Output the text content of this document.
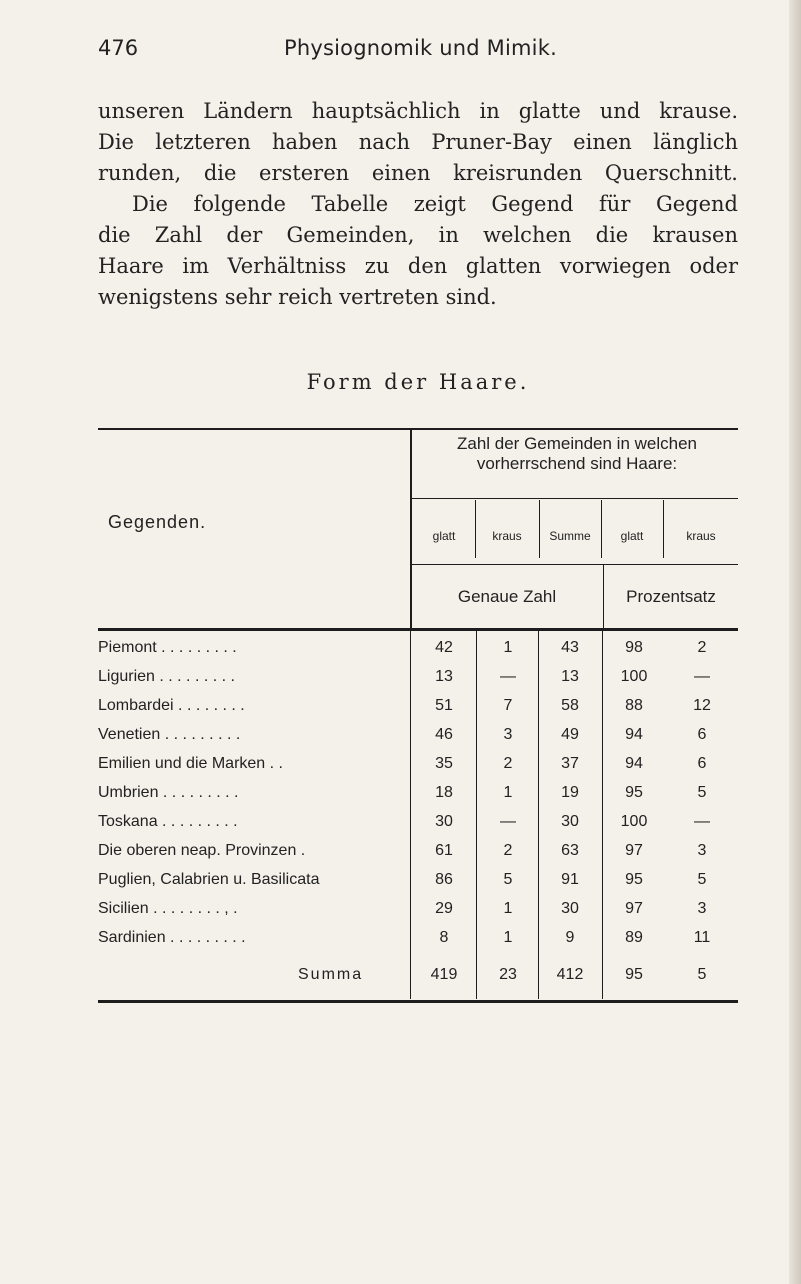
476	Physiognomik und Mimik.
unseren Ländern hauptsächlich in glatte und krause.
Die letzteren haben nach Pruner-Bay einen länglich
runden, die ersteren einen kreisrunden Querschnitt.
Die folgende Tabelle zeigt Gegend für Gegend
die Zahl der Gemeinden, in welchen die krausen
Haare im Verhältniss zu den glatten vorwiegen oder
wenigstens sehr reich vertreten sind.
Form der Haare.
Zahl der Gemeinden in welchen
vorherrschend sind Haare:
Gegenden.
glatt	kraus	Summe	glatt	kraus
Genaue Zahl	Prozentsatz
Piemont . . . . . . . . .	42	1	43	98	2
Ligurien . . . . . . . . .	13	—	13	100	—
Lombardei . . . . . . . .	51	7	58	88	12
Venetien . . . . . . . . .	46	3	49	94	6
Emilien und die Marken . .	35	2	37	94	6
Umbrien . . . . . . . . .	18	1	19	95	5
Toskana . . . . . . . . .	30	—	30	100	—
Die oberen neap. Provinzen .	61	2	63	97	3
Puglien, Calabrien u. Basilicata	86	5	91	95	5
Sicilien . . . . . . . . , .	29	1	30	97	3
Sardinien . . . . . . . . .	8	1	9	89	11
Summa	419	23	412	95	5
